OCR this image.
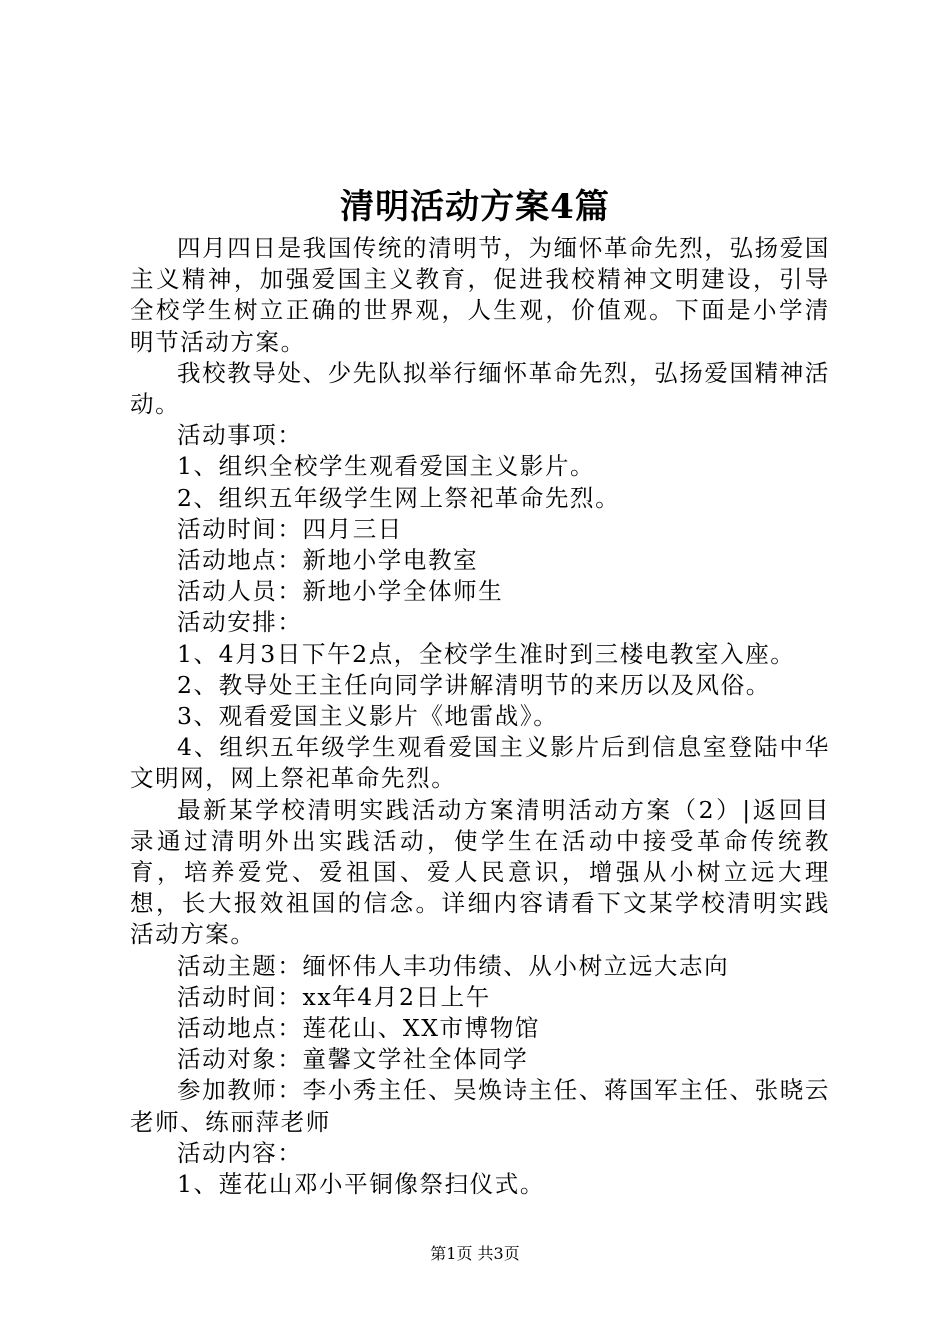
清明活动方案4篇

四月四日是我国传统的清明节，为缅怀革命先烈，弘扬爱国主义精神，加强爱国主义教育，促进我校精神文明建设，引导全校学生树立正确的世界观，人生观，价值观。下面是小学清明节活动方案。

我校教导处、少先队拟举行缅怀革命先烈，弘扬爱国精神活动。

活动事项：

1、组织全校学生观看爱国主义影片。

2、组织五年级学生网上祭祀革命先烈。

活动时间：四月三日

活动地点：新地小学电教室

活动人员：新地小学全体师生

活动安排：

1、4月3日下午2点，全校学生准时到三楼电教室入座。

2、教导处王主任向同学讲解清明节的来历以及风俗。

3、观看爱国主义影片《地雷战》。

4、组织五年级学生观看爱国主义影片后到信息室登陆中华文明网，网上祭祀革命先烈。

最新某学校清明实践活动方案清明活动方案（2）|返回目录通过清明外出实践活动，使学生在活动中接受革命传统教育，培养爱党、爱祖国、爱人民意识，增强从小树立远大理想，长大报效祖国的信念。详细内容请看下文某学校清明实践活动方案。

活动主题：缅怀伟人丰功伟绩、从小树立远大志向

活动时间：xx年4月2日上午

活动地点：莲花山、XX市博物馆

活动对象：童馨文学社全体同学

参加教师：李小秀主任、吴焕诗主任、蒋国军主任、张晓云老师、练丽萍老师

活动内容：

1、莲花山邓小平铜像祭扫仪式。

第1页 共3页
